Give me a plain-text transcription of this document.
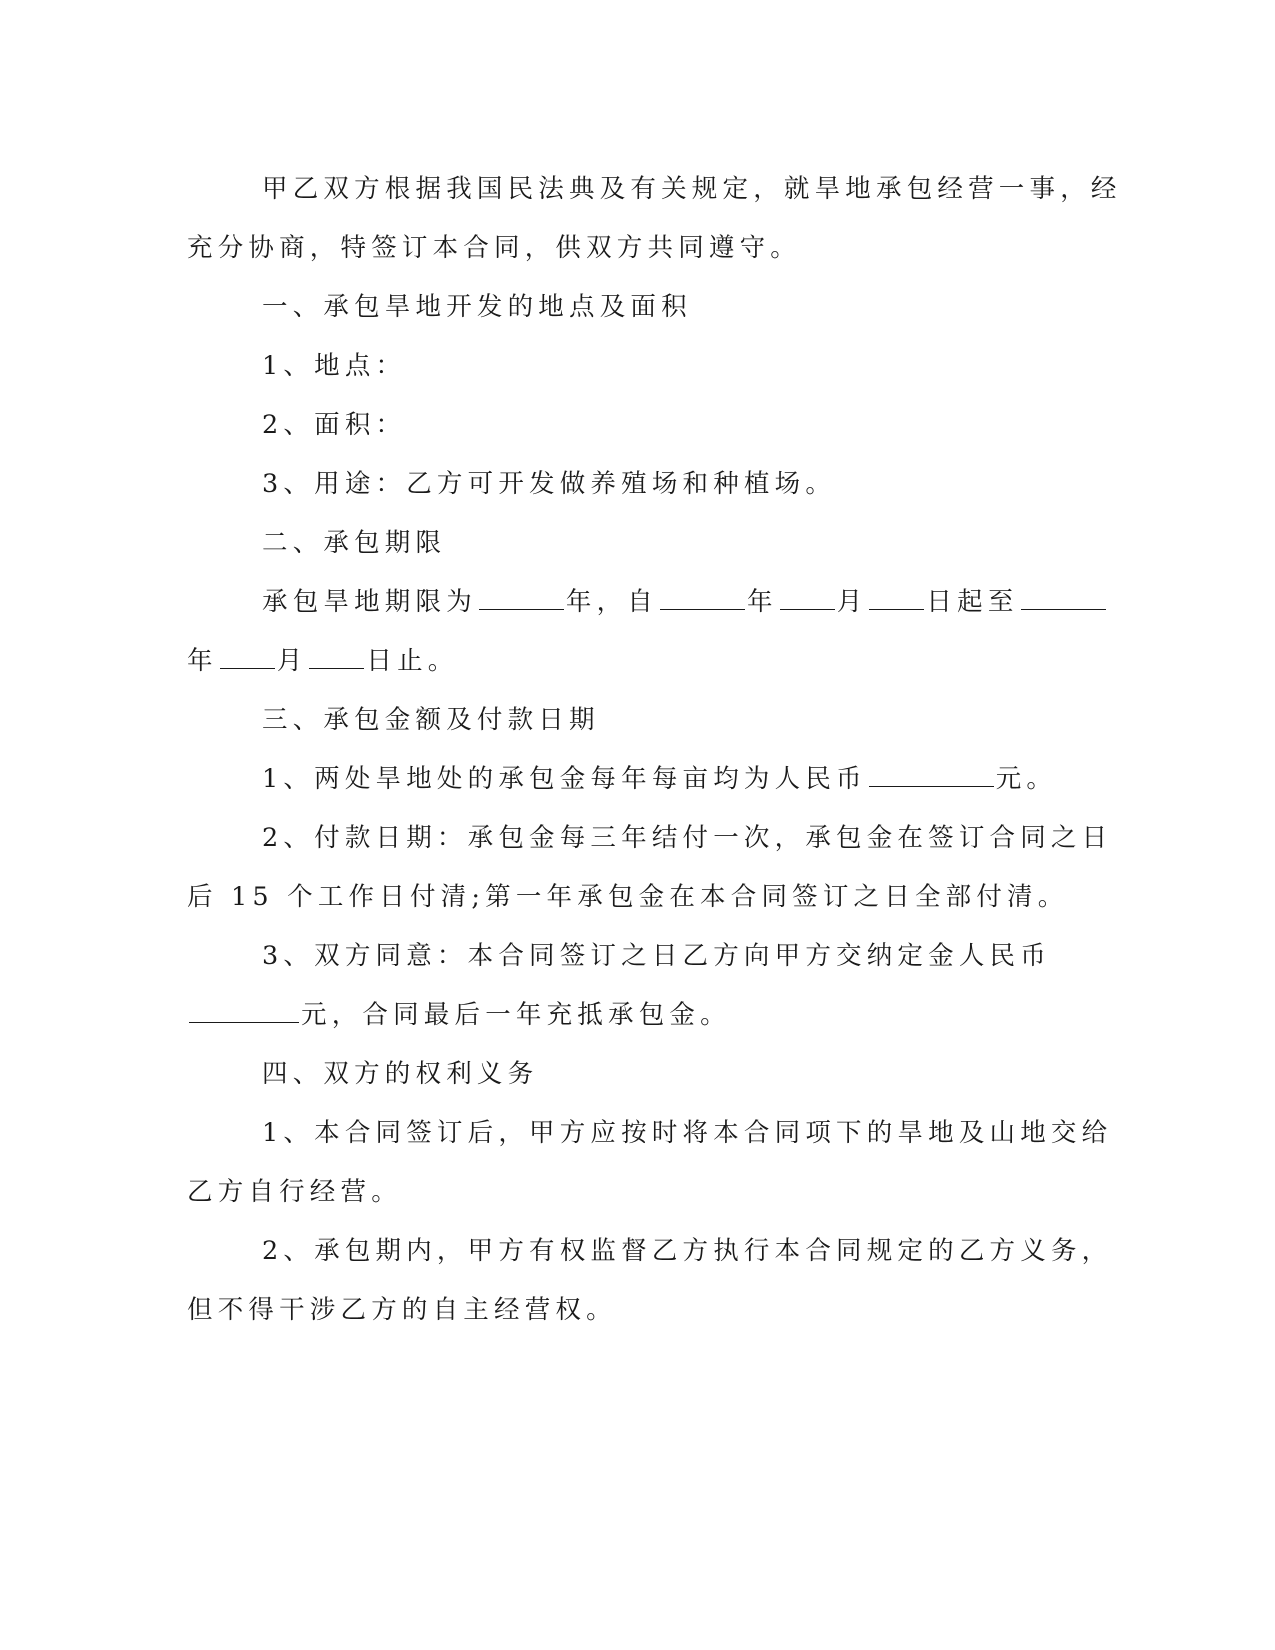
甲乙双方根据我国民法典及有关规定，就旱地承包经营一事，经

充分协商，特签订本合同，供双方共同遵守。

一、承包旱地开发的地点及面积

1、地点：

2、面积：

3、用途：乙方可开发做养殖场和种植场。

二、承包期限

承包旱地期限为	年，自	年 月 日起至

年 月 日止。

三、承包金额及付款日期

1、两处旱地处的承包金每年每亩均为人民币	元。

2、付款日期：承包金每三年结付一次，承包金在签订合同之日

后 15 个工作日付清;第一年承包金在本合同签订之日全部付清。

3、双方同意：本合同签订之日乙方向甲方交纳定金人民币

元，合同最后一年充抵承包金。

四、双方的权利义务

1、本合同签订后，甲方应按时将本合同项下的旱地及山地交给

乙方自行经营。

2、承包期内，甲方有权监督乙方执行本合同规定的乙方义务，

但不得干涉乙方的自主经营权。
